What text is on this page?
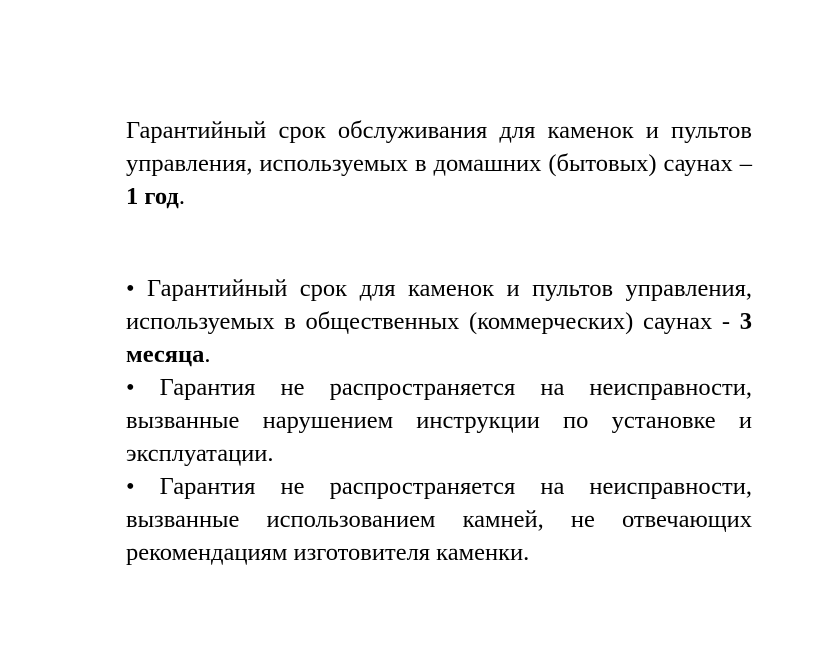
Гарантийный срок обслуживания для каменок и пультов управления, используемых в домашних (бытовых) саунах – 1 год.

• Гарантийный срок для каменок и пультов управления, используемых в общественных (коммерческих) саунах - 3 месяца.

• Гарантия не распространяется на неисправности, вызванные нарушением инструкции по установке и эксплуатации.

• Гарантия не распространяется на неисправности, вызванные использованием камней, не отвечающих рекомендациям изготовителя каменки.
